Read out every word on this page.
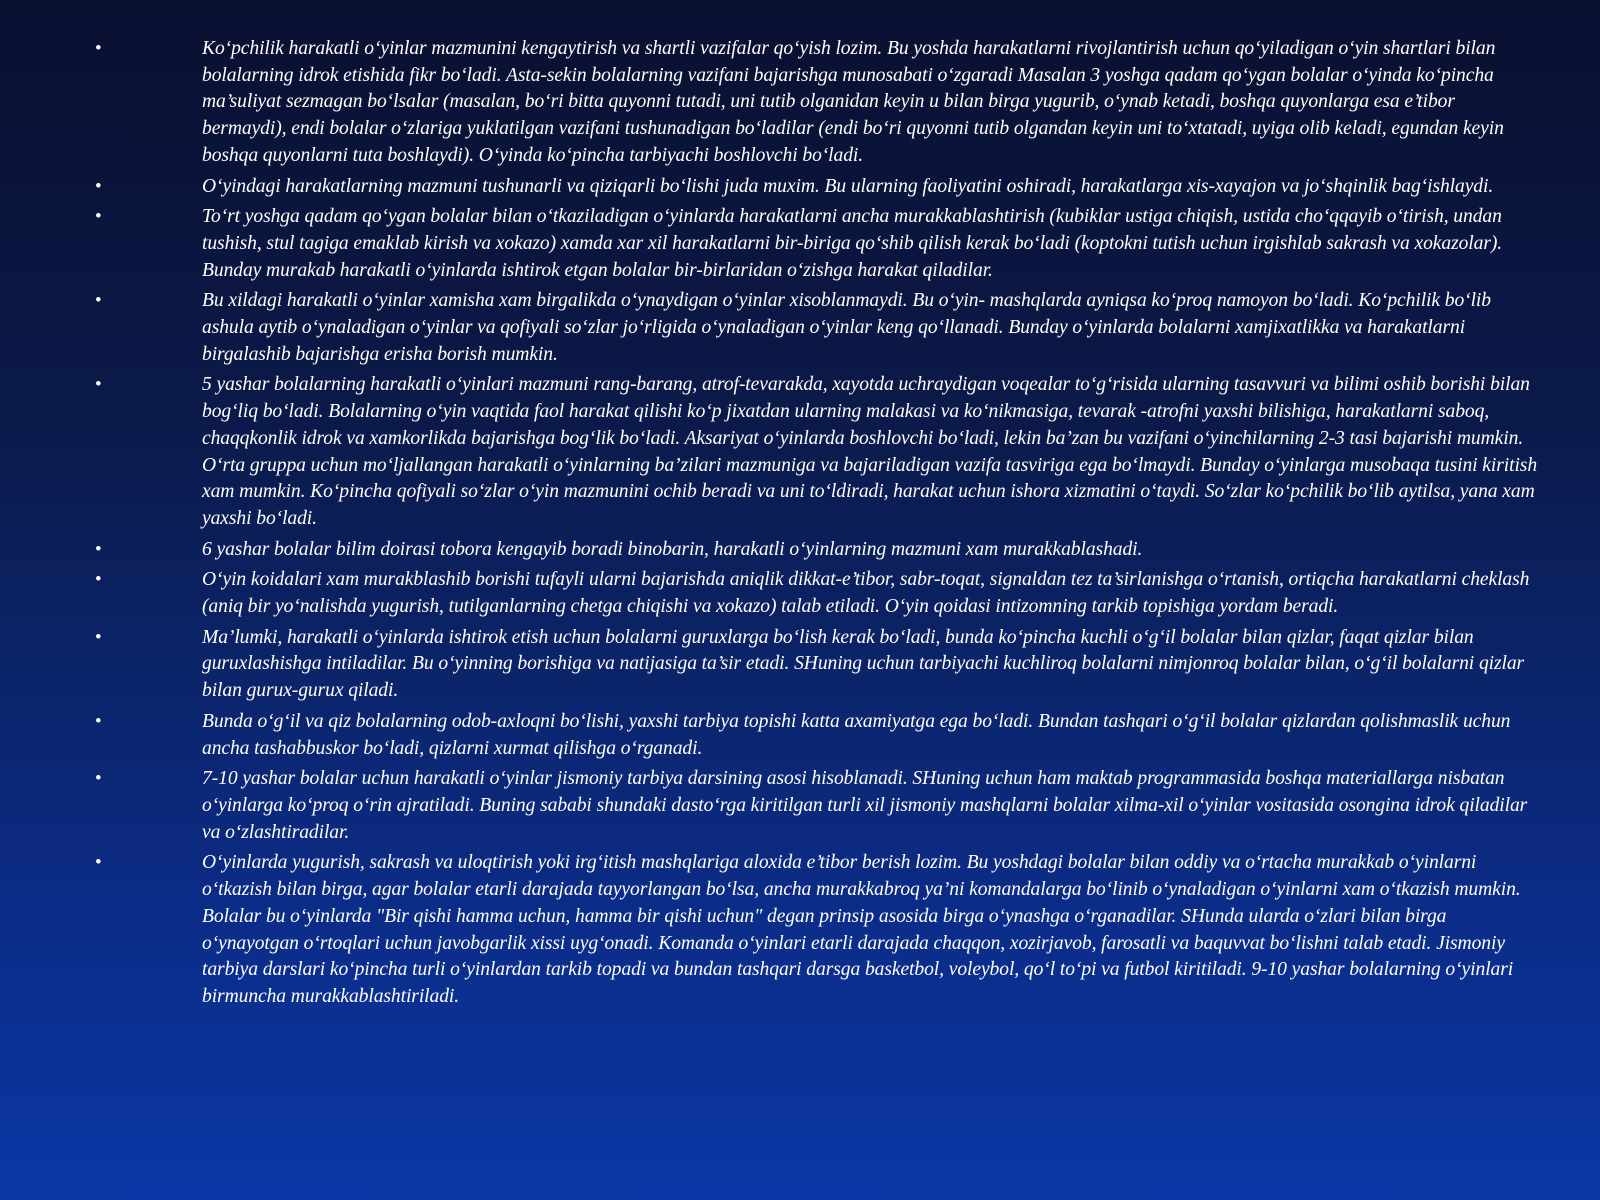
•	Ko‘pchilik harakatli o‘yinlar mazmunini kengaytirish va shartli vazifalar qo‘yish lozim. Bu yoshda harakatlarni rivojlantirish uchun qo‘yiladigan o‘yin shartlari bilan bolalarning idrok etishida fikr bo‘ladi. Asta-sekin bolalarning vazifani bajarishga munosabati o‘zgaradi Masalan 3 yoshga qadam qo‘ygan bolalar o‘yinda ko‘pincha ma’suliyat sezmagan bo‘lsalar (masalan, bo‘ri bitta quyonni tutadi, uni tutib olganidan keyin u bilan birga yugurib, o‘ynab ketadi, boshqa quyonlarga esa e’tibor bermaydi), endi bolalar o‘zlariga yuklatilgan vazifani tushunadigan bo‘ladilar (endi bo‘ri quyonni tutib olgandan keyin uni to‘xtatadi, uyiga olib keladi, egundan keyin boshqa quyonlarni tuta boshlaydi). O‘yinda ko‘pincha tarbiyachi boshlovchi bo‘ladi.
•	O‘yindagi harakatlarning mazmuni tushunarli va qiziqarli bo‘lishi juda muxim. Bu ularning faoliyatini oshiradi, harakatlarga xis-xayajon va jo‘shqinlik bag‘ishlaydi.
•	To‘rt yoshga qadam qo‘ygan bolalar bilan o‘tkaziladigan o‘yinlarda harakatlarni ancha murakkablashtirish (kubiklar ustiga chiqish, ustida cho‘qqayib o‘tirish, undan tushish, stul tagiga emaklab kirish va xokazo) xamda xar xil harakatlarni bir-biriga qo‘shib qilish kerak bo‘ladi (koptokni tutish uchun irgishlab sakrash va xokazolar). Bunday murakab harakatli o‘yinlarda ishtirok etgan bolalar bir-birlaridan o‘zishga harakat qiladilar.
•	Bu xildagi harakatli o‘yinlar xamisha xam birgalikda o‘ynaydigan o‘yinlar xisoblanmaydi. Bu o‘yin- mashqlarda ayniqsa ko‘proq namoyon bo‘ladi. Ko‘pchilik bo‘lib ashula aytib o‘ynaladigan o‘yinlar va qofiyali so‘zlar jo‘rligida o‘ynaladigan o‘yinlar keng qo‘llanadi. Bunday o‘yinlarda bolalarni xamjixatlikka va harakatlarni birgalashib bajarishga erisha borish mumkin.
•	5 yashar bolalarning harakatli o‘yinlari mazmuni rang-barang, atrof-tevarakda, xayotda uchraydigan voqealar to‘g‘risida ularning tasavvuri va bilimi oshib borishi bilan bog‘liq bo‘ladi. Bolalarning o‘yin vaqtida faol harakat qilishi ko‘p jixatdan ularning malakasi va ko‘nikmasiga, tevarak -atrofni yaxshi bilishiga, harakatlarni saboq, chaqqkonlik idrok va xamkorlikda bajarishga bog‘lik bo‘ladi. Aksariyat o‘yinlarda boshlovchi bo‘ladi, lekin ba’zan bu vazifani o‘yinchilarning 2-3 tasi bajarishi mumkin. O‘rta gruppa uchun mo‘ljallangan harakatli o‘yinlarning ba’zilari mazmuniga va bajariladigan vazifa tasviriga ega bo‘lmaydi. Bunday o‘yinlarga musobaqa tusini kiritish xam mumkin. Ko‘pincha qofiyali so‘zlar o‘yin mazmunini ochib beradi va uni to‘ldiradi, harakat uchun ishora xizmatini o‘taydi. So‘zlar ko‘pchilik bo‘lib aytilsa, yana xam yaxshi bo‘ladi.
•	6 yashar bolalar bilim doirasi tobora kengayib boradi binobarin, harakatli o‘yinlarning mazmuni xam murakkablashadi.
•	O‘yin koidalari xam murakblashib borishi tufayli ularni bajarishda aniqlik dikkat-e’tibor, sabr-toqat, signaldan tez ta’sirlanishga o‘rtanish, ortiqcha harakatlarni cheklash (aniq bir yo‘nalishda yugurish, tutilganlarning chetga chiqishi va xokazo) talab etiladi. O‘yin qoidasi intizomning tarkib topishiga yordam beradi.
•	Ma’lumki, harakatli o‘yinlarda ishtirok etish uchun bolalarni guruxlarga bo‘lish kerak bo‘ladi, bunda ko‘pincha kuchli o‘g‘il bolalar bilan qizlar, faqat qizlar bilan guruxlashishga intiladilar. Bu o‘yinning borishiga va natijasiga ta’sir etadi. SHuning uchun tarbiyachi kuchliroq bolalarni nimjonroq bolalar bilan, o‘g‘il bolalarni qizlar bilan gurux-gurux qiladi.
•	Bunda o‘g‘il va qiz bolalarning odob-axloqni bo‘lishi, yaxshi tarbiya topishi katta axamiyatga ega bo‘ladi. Bundan tashqari o‘g‘il bolalar qizlardan qolishmaslik uchun ancha tashabbuskor bo‘ladi, qizlarni xurmat qilishga o‘rganadi.
•	7-10 yashar bolalar uchun harakatli o‘yinlar jismoniy tarbiya darsining asosi hisoblanadi. SHuning uchun ham maktab programmasida boshqa materiallarga nisbatan o‘yinlarga ko‘proq o‘rin ajratiladi. Buning sababi shundaki dasto‘rga kiritilgan turli xil jismoniy mashqlarni bolalar xilma-xil o‘yinlar vositasida osongina idrok qiladilar va o‘zlashtiradilar.
•	O‘yinlarda yugurish, sakrash va uloqtirish yoki irg‘itish mashqlariga aloxida e’tibor berish lozim. Bu yoshdagi bolalar bilan oddiy va o‘rtacha murakkab o‘yinlarni o‘tkazish bilan birga, agar bolalar etarli darajada tayyorlangan bo‘lsa, ancha murakkabroq ya’ni komandalarga bo‘linib o‘ynaladigan o‘yinlarni xam o‘tkazish mumkin. Bolalar bu o‘yinlarda "Bir qishi hamma uchun, hamma bir qishi uchun" degan prinsip asosida birga o‘ynashga o‘rganadilar. SHunda ularda o‘zlari bilan birga o‘ynayotgan o‘rtoqlari uchun javobgarlik xissi uyg‘onadi. Komanda o‘yinlari etarli darajada chaqqon, xozirjavob, farosatli va baquvvat bo‘lishni talab etadi. Jismoniy tarbiya darslari ko‘pincha turli o‘yinlardan tarkib topadi va bundan tashqari darsga basketbol, voleybol, qo‘l to‘pi va futbol kiritiladi. 9-10 yashar bolalarning o‘yinlari birmuncha murakkablashtiriladi.
